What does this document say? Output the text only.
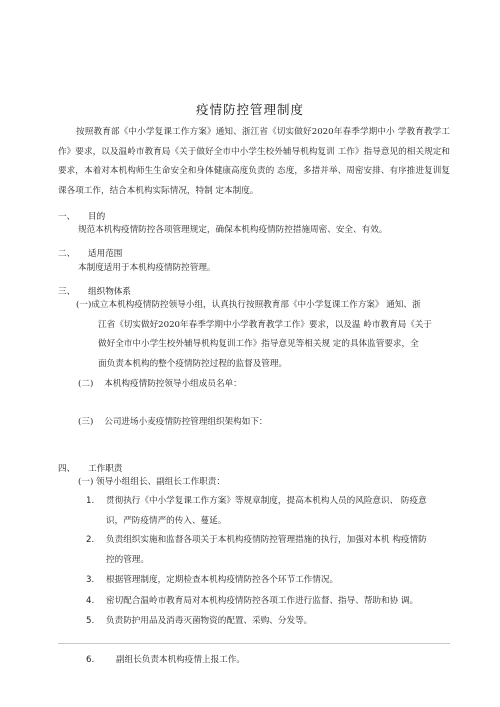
疫情防控管理制度

按照教育部《中小学复课工作方案》通知、浙江省《切实做好2020年春季学期中小 学教育教学工作》要求，以及温岭市教育局《关于做好全市中小学生校外辅导机构复训 工作》指导意见的相关规定和要求，本着对本机构师生生命安全和身体健康高度负责的 态度，多措并举、周密安排、有序推进复训复课各项工作，结合本机构实际情况，特制 定本制度。

一、 目的

规范本机构疫情防控各项管理规定，确保本机构疫情防控措施周密、安全、有效。

二、 适用范围

本制度适用于本机构疫情防控管理。

三、 组织物体系
(一)成立本机构疫情防控领导小组，认真执行按照教育部《中小学复课工作方案》 通知、浙
江省《切实做好2020年春季学期中小学教育教学工作》要求，以及温 岭市教育局《关于
做好全市中小学生校外辅导机构复训工作》指导意见等相关规 定的具体监管要求，全
面负责本机构的整个疫情防控过程的监督及管理。

(二)    本机构疫情防控领导小组成员名单：

(三)    公司进场小麦疫情防控管理组织架构如下：

四、 工作职责

(一) 领导小组组长、副组长工作职责：

1.	贯彻执行《中小学复课工作方案》等规章制度，提高本机构人员的风险意识、 防疫意
识，严防疫情严的传入、蔓延。
2.	负责组织实施和监督各项关于本机构疫情防控管理措施的执行，加强对本机 构疫情防
控的管理。
3.	根据管理制度，定期检查本机构疫情防控各个环节工作情况。
4.	密切配合温岭市教育局对本机构疫情防控各项工作进行监督、指导、帮助和协 调。
5.	负责防护用品及消毒灭菌物资的配置、采购、分发等。
6.	副组长负责本机构疫情上报工作。
